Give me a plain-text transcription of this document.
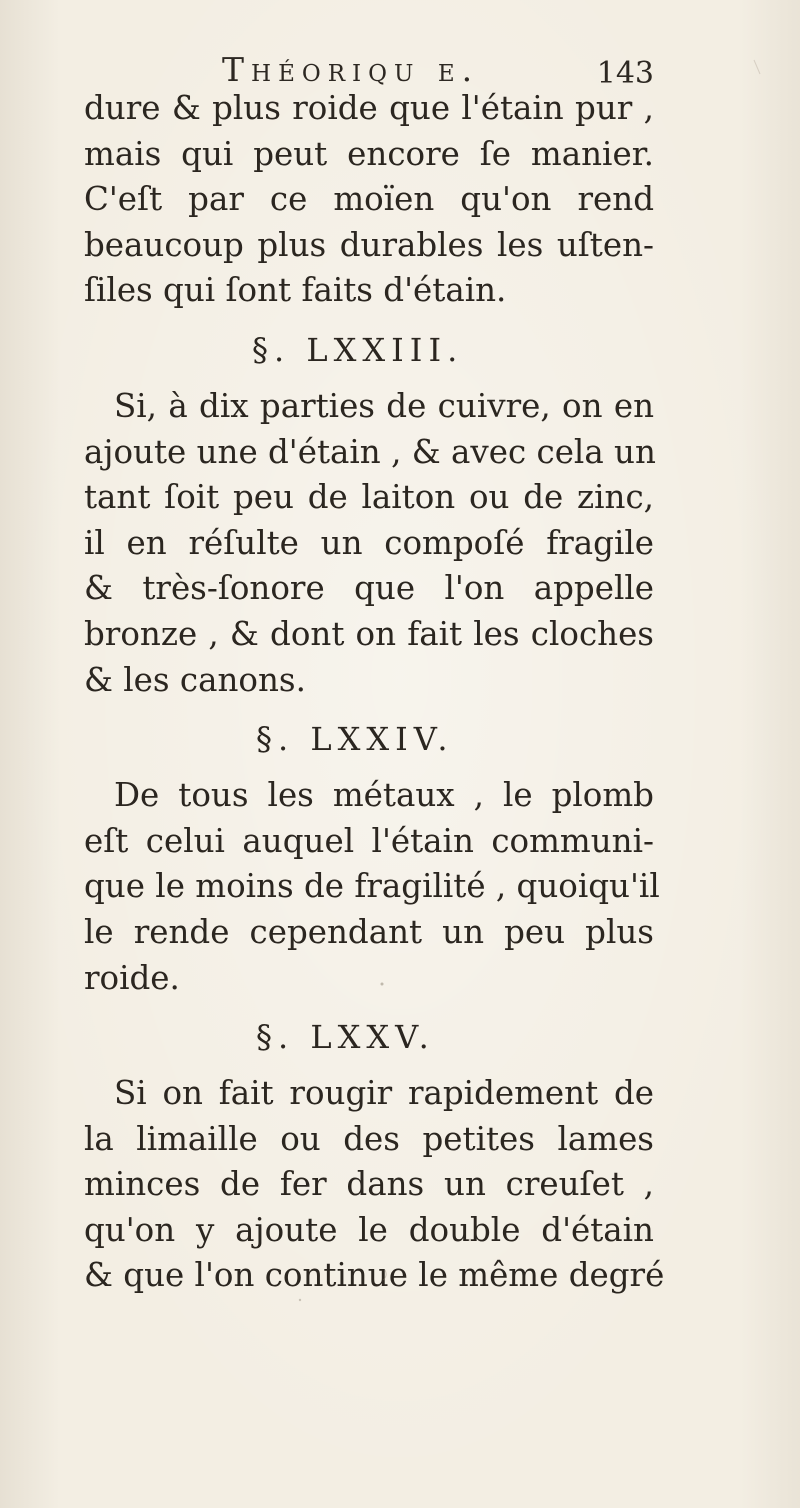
Théoriqu e.	143
dure & plus roide que l'étain pur ,
mais qui peut encore ſe manier.
C'eſt par ce moïen qu'on rend
beaucoup plus durables les uſten-
ſiles qui ſont faits d'étain.
§. LXXIII.
Si, à dix parties de cuivre, on en
ajoute une d'étain , & avec cela un
tant ſoit peu de laiton ou de zinc,
il en réſulte un compoſé fragile
& très-ſonore que l'on appelle
bronze , & dont on fait les cloches
& les canons.
§. LXXIV.
De tous les métaux , le plomb
eſt celui auquel l'étain communi-
que le moins de fragilité , quoiqu'il
le rende cependant un peu plus
roide.
§. LXXV.
Si on fait rougir rapidement de
la limaille ou des petites lames
minces de fer dans un creuſet ,
qu'on y ajoute le double d'étain
& que l'on continue le même degré
